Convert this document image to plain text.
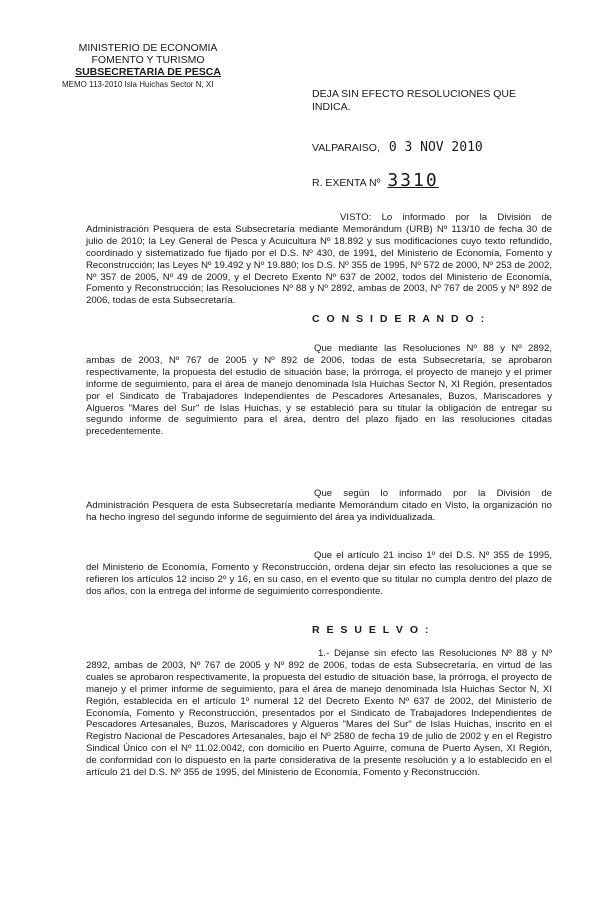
MINISTERIO DE ECONOMIA
FOMENTO Y TURISMO
SUBSECRETARIA DE PESCA
MEMO 113-2010 Isla Huichas Sector N, XI
DEJA SIN EFECTO RESOLUCIONES QUE
INDICA.
VALPARAISO, 0 3 NOV 2010
R. EXENTA Nº 3310

VISTO: Lo informado por la División de Administración Pesquera de esta Subsecretaría mediante Memorándum (URB) Nº 113/10 de fecha 30 de julio de 2010; la Ley General de Pesca y Acuicultura Nº 18.892 y sus modificaciones cuyo texto refundido, coordinado y sistematizado fue fijado por el D.S. Nº 430, de 1991, del Ministerio de Economía, Fomento y Reconstrucción; las Leyes Nº 19.492 y Nº 19.880; los D.S. Nº 355 de 1995, Nº 572 de 2000, Nº 253 de 2002, Nº 357 de 2005, Nº 49 de 2009, y el Decreto Exento Nº 637 de 2002, todos del Ministerio de Economía, Fomento y Reconstrucción; las Resoluciones Nº 88 y Nº 2892, ambas de 2003, Nº 767 de 2005 y Nº 892 de 2006, todas de esta Subsecretaría.

C O N S I D E R A N D O :

Que mediante las Resoluciones Nº 88 y Nº 2892, ambas de 2003, Nº 767 de 2005 y Nº 892 de 2006, todas de esta Subsecretaría, se aprobaron respectivamente, la propuesta del estudio de situación base, la prórroga, el proyecto de manejo y el primer informe de seguimiento, para el área de manejo denominada Isla Huichas Sector N, XI Región, presentados por el Sindicato de Trabajadores Independientes de Pescadores Artesanales, Buzos, Mariscadores y Algueros "Mares del Sur" de Islas Huichas, y se estableció para su titular la obligación de entregar su segundo informe de seguimiento para el área, dentro del plazo fijado en las resoluciones citadas precedentemente.

Que según lo informado por la División de Administración Pesquera de esta Subsecretaría mediante Memorándum citado en Visto, la organización no ha hecho ingreso del segundo informe de seguimiento del área ya individualizada.

Que el artículo 21 inciso 1º del D.S. Nº 355 de 1995, del Ministerio de Economía, Fomento y Reconstrucción, ordena dejar sin efecto las resoluciones a que se refieren los artículos 12 inciso 2º y 16, en su caso, en el evento que su titular no cumpla dentro del plazo de dos años, con la entrega del informe de seguimiento correspondiente.

R E S U E L V O :

1.- Déjanse sin efecto las Resoluciones Nº 88 y Nº 2892, ambas de 2003, Nº 767 de 2005 y Nº 892 de 2006, todas de esta Subsecretaría, en virtud de las cuales se aprobaron respectivamente, la propuesta del estudio de situación base, la prórroga, el proyecto de manejo y el primer informe de seguimiento, para el área de manejo denominada Isla Huichas Sector N, XI Región, establecida en el artículo 1º numeral 12 del Decreto Exento Nº 637 de 2002, del Ministerio de Economía, Fomento y Reconstrucción, presentados por el Sindicato de Trabajadores Independientes de Pescadores Artesanales, Buzos, Mariscadores y Algueros "Mares del Sur" de Islas Huichas, inscrito en el Registro Nacional de Pescadores Artesanales, bajo el Nº 2580 de fecha 19 de julio de 2002 y en el Registro Sindical Único con el Nº 11.02.0042, con domicilio en Puerto Aguirre, comuna de Puerto Aysen, XI Región, de conformidad con lo dispuesto en la parte considerativa de la presente resolución y a lo establecido en el artículo 21 del D.S. Nº 355 de 1995, del Ministerio de Economía, Fomento y Reconstrucción.
